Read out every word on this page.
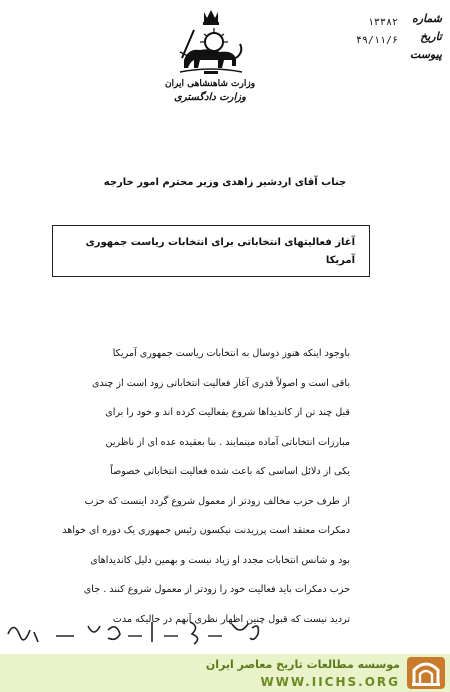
وزارت شاهنشاهی ایران
وزارت دادگستری
شماره
تاریخ
پیوست
۱۳۳۸۲
۴۹/۱۱/۶
جناب آقای اردشیر زاهدی وزیر محترم امور خارجه
آغاز فعالیتهای انتخاباتی برای انتخابات ریاست جمهوری آمریکا

باوجود اینکه هنوز دوسال به انتخابات ریاست جمهوری آمریکا

باقی است و اصولاً قدری آغاز فعالیت انتخاباتی زود است از چندی

قبل چند تن از کاندیداها شروع بفعالیت کرده اند و خود را برای

مبارزات انتخاباتی آماده مینمایند . بنا بعقیده عده ای از ناظرین

یکی از دلائل اساسی که باعث شده فعالیت انتخاباتی خصوصاً

از طرف حزب مخالف زودتر از معمول شروع گردد اینست که حزب

دمکرات معتقد است پرزیدنت نیکسون رئیس جمهوری یک دوره ای خواهد

بود و شانس انتخابات مجدد او زیاد نیست و بهمین دلیل کاندیداهای

حزب دمکرات باید فعالیت خود را زودتر از معمول شروع کنند . جای

تردید نیست که قبول چنین اظهار نظری آنهم در حالیکه مدت

موسسه مطالعات تاریخ معاصر ایران
WWW.IICHS.ORG
